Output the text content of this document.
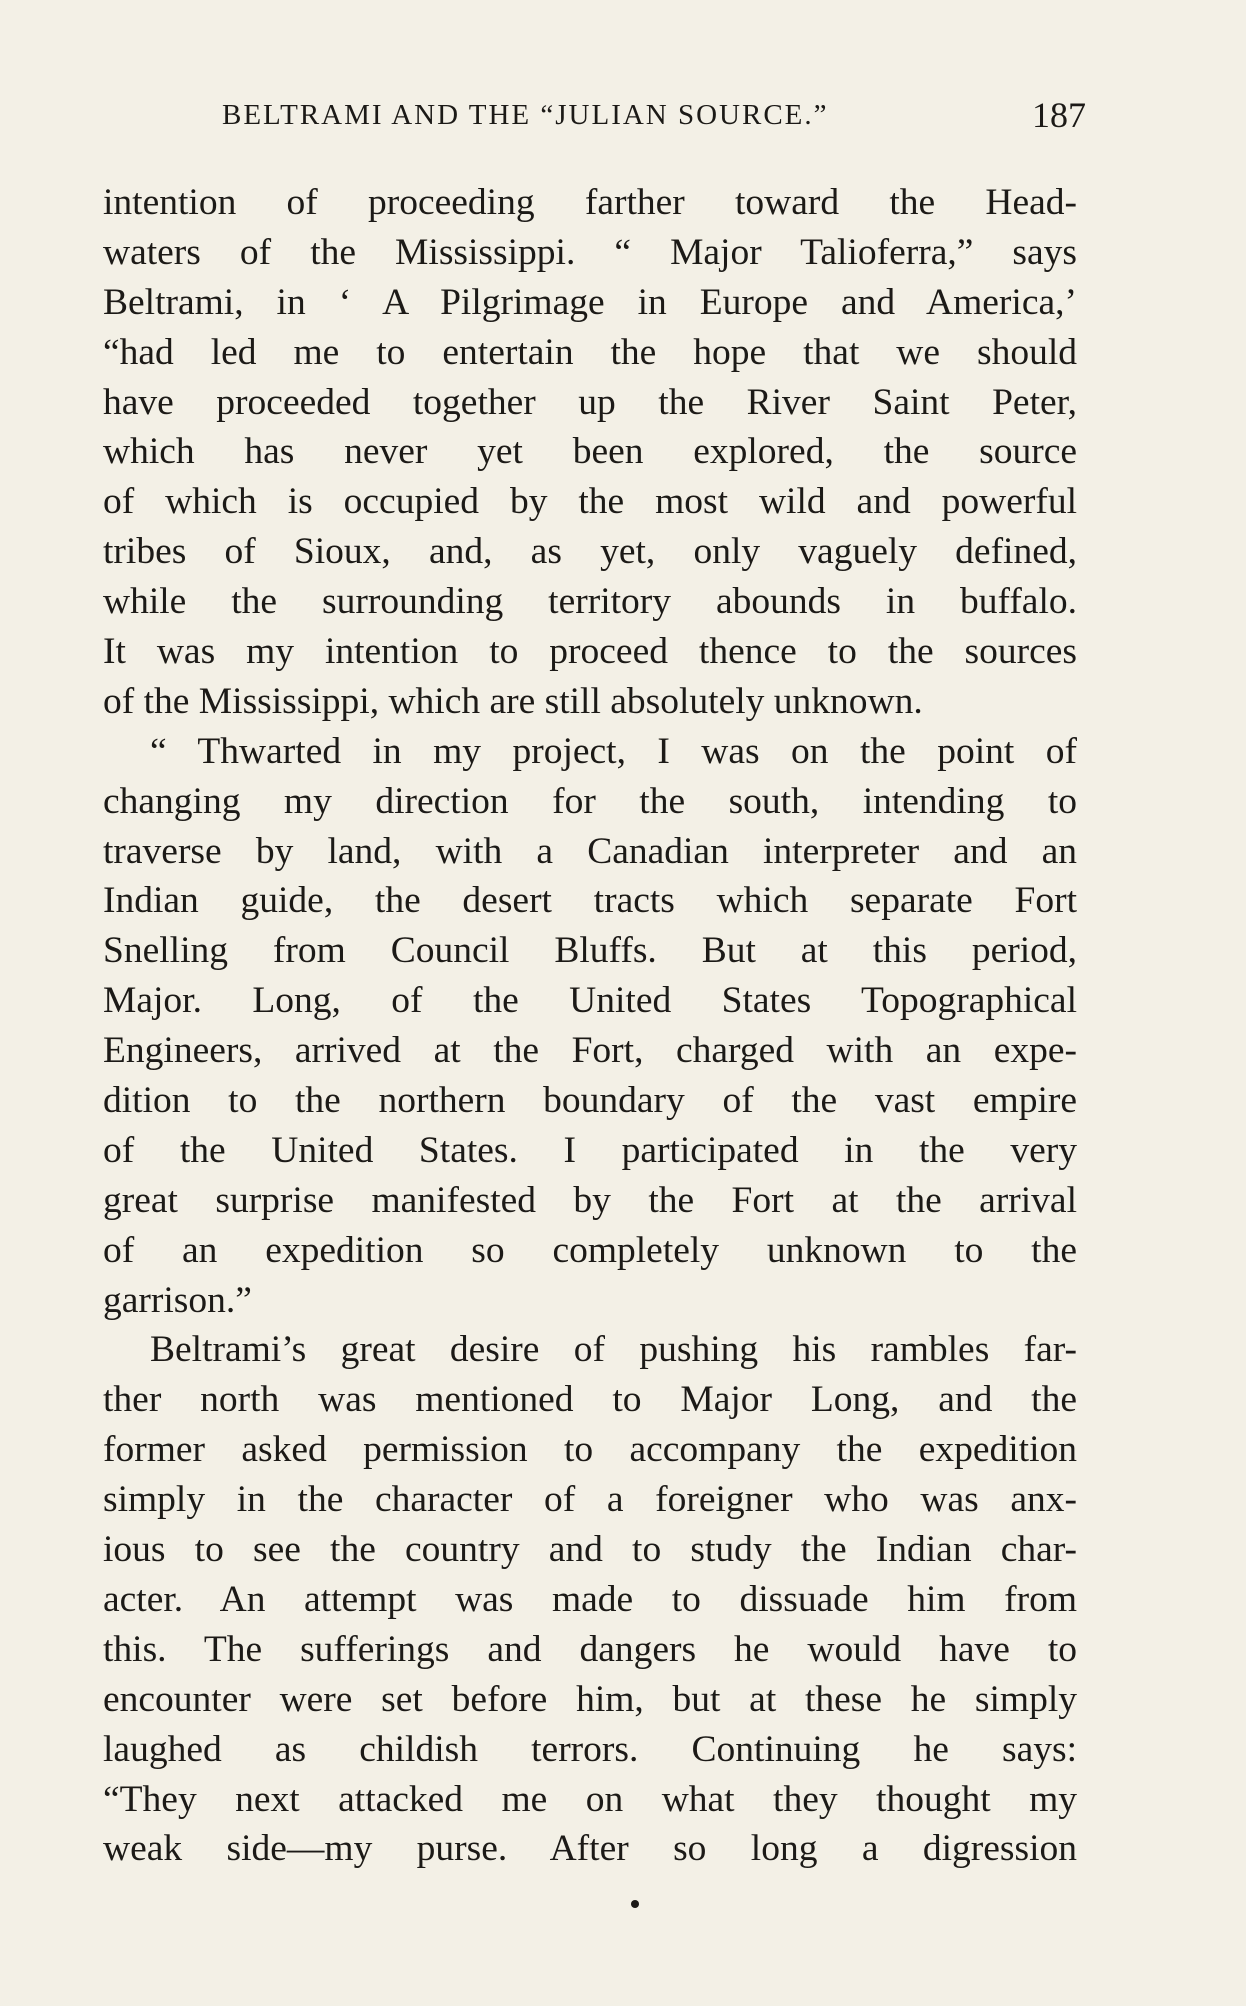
BELTRAMI AND THE “JULIAN SOURCE.”	187
intention of proceeding farther toward the Head-
waters of the Mississippi. “ Major Talioferra,” says
Beltrami, in ‘ A Pilgrimage in Europe and America,’
“had led me to entertain the hope that we should
have proceeded together up the River Saint Peter,
which has never yet been explored, the source
of which is occupied by the most wild and powerful
tribes of Sioux, and, as yet, only vaguely defined,
while the surrounding territory abounds in buffalo.
It was my intention to proceed thence to the sources
of the Mississippi, which are still absolutely unknown.
“ Thwarted in my project, I was on the point of
changing my direction for the south, intending to
traverse by land, with a Canadian interpreter and an
Indian guide, the desert tracts which separate Fort
Snelling from Council Bluffs. But at this period,
Major. Long, of the United States Topographical
Engineers, arrived at the Fort, charged with an expe-
dition to the northern boundary of the vast empire
of the United States. I participated in the very
great surprise manifested by the Fort at the arrival
of an expedition so completely unknown to the
garrison.”
Beltrami’s great desire of pushing his rambles far-
ther north was mentioned to Major Long, and the
former asked permission to accompany the expedition
simply in the character of a foreigner who was anx-
ious to see the country and to study the Indian char-
acter. An attempt was made to dissuade him from
this. The sufferings and dangers he would have to
encounter were set before him, but at these he simply
laughed as childish terrors. Continuing he says:
“They next attacked me on what they thought my
weak side—my purse. After so long a digression
